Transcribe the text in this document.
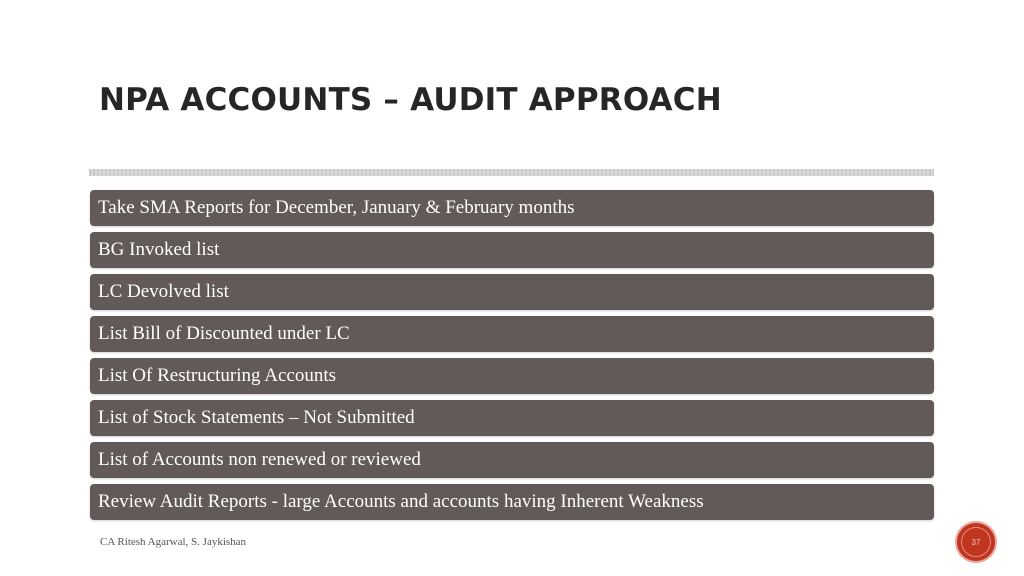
NPA ACCOUNTS – AUDIT APPROACH
Take SMA Reports for December, January & February months
BG Invoked list
LC Devolved list
List Bill of Discounted under LC
List Of Restructuring Accounts
List of Stock Statements – Not Submitted
List of Accounts non renewed or reviewed
Review Audit Reports - large Accounts and accounts having Inherent Weakness
CA Ritesh Agarwal, S. Jaykishan	37
